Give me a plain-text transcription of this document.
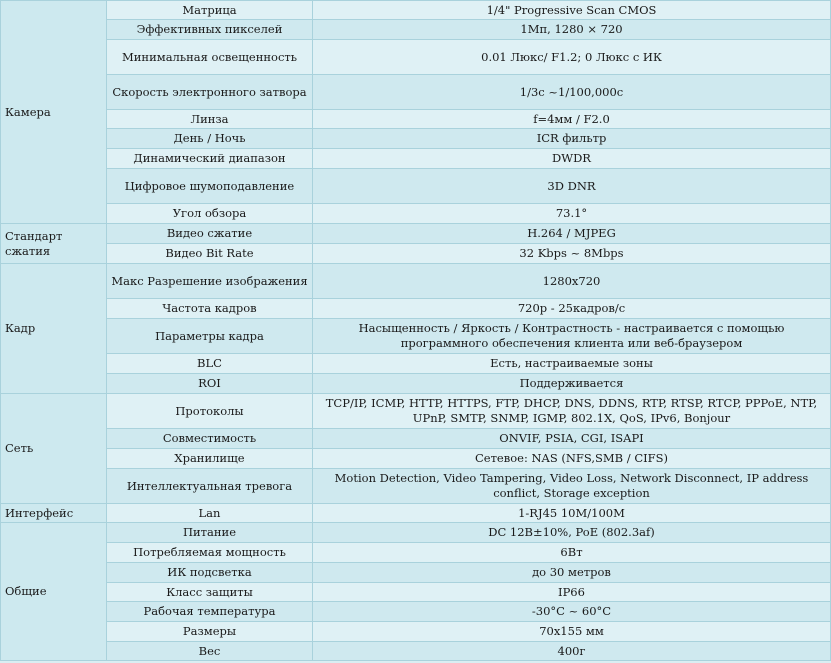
Камера	Матрица	1/4" Progressive Scan CMOS
	Эффективных пикселей	1Мп, 1280 × 720
	Минимальная освещенность	0.01 Люкс/ F1.2; 0 Люкс с ИК
	Скорость электронного затвора	1/3с ~1/100,000с
	Линза	f=4мм / F2.0
	День / Ночь	ICR фильтр
	Динамический диапазон	DWDR
	Цифровое шумоподавление	3D DNR
	Угол обзора	73.1°
Стандарт сжатия	Видео сжатие	H.264 / MJPEG
	Видео Bit Rate	32 Kbps ~ 8Mbps
Кадр	Макс Разрешение изображения	1280x720
	Частота кадров	720p - 25кадров/с
	Параметры кадра	Насыщенность / Яркость / Контрастность - настраивается с помощью программного обеспечения клиента или веб-браузером
	BLC	Есть, настраиваемые зоны
	ROI	Поддерживается
Сеть	Протоколы	TCP/IP, ICMP, HTTP, HTTPS, FTP, DHCP, DNS, DDNS, RTP, RTSP, RTCP, PPPoE, NTP, UPnP, SMTP, SNMP, IGMP, 802.1X, QoS, IPv6, Bonjour
	Совместимость	ONVIF, PSIA, CGI, ISAPI
	Хранилище	Сетевое: NAS (NFS,SMB / CIFS)
	Интеллектуальная тревога	Motion Detection, Video Tampering, Video Loss, Network Disconnect, IP address conflict, Storage exception
Интерфейс	Lan	1-RJ45 10M/100M
Общие	Питание	DC 12В±10%, PoE (802.3af)
	Потребляемая мощность	6Вт
	ИК подсветка	до 30 метров
	Класс защиты	IP66
	Рабочая температура	-30°C ~ 60°C
	Размеры	70x155 мм
	Вес	400г
